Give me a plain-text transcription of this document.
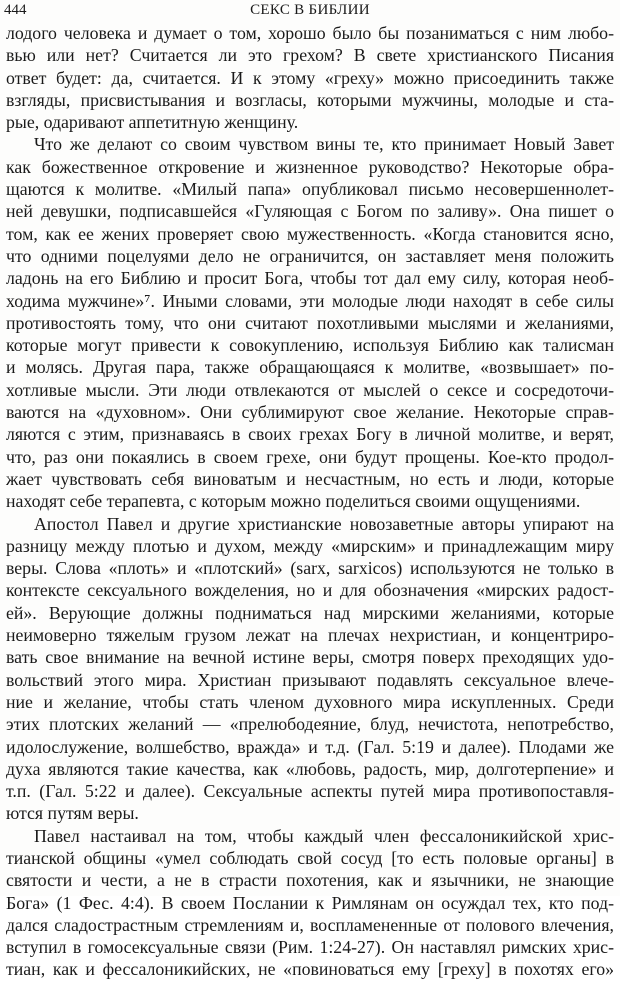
444	СЕКС В БИБЛИИ
лодого человека и думает о том, хорошо было бы позаниматься с ним любо-
вью или нет? Считается ли это грехом? В свете христианского Писания
ответ будет: да, считается. И к этому «греху» можно присоединить также
взгляды, присвистывания и возгласы, которыми мужчины, молодые и ста-
рые, одаривают аппетитную женщину.
Что же делают со своим чувством вины те, кто принимает Новый Завет
как божественное откровение и жизненное руководство? Некоторые обра-
щаются к молитве. «Милый папа» опубликовал письмо несовершеннолет-
ней девушки, подписавшейся «Гуляющая с Богом по заливу». Она пишет о
том, как ее жених проверяет свою мужественность. «Когда становится ясно,
что одними поцелуями дело не ограничится, он заставляет меня положить
ладонь на его Библию и просит Бога, чтобы тот дал ему силу, которая необ-
ходима мужчине»⁷. Иными словами, эти молодые люди находят в себе силы
противостоять тому, что они считают похотливыми мыслями и желаниями,
которые могут привести к совокуплению, используя Библию как талисман
и молясь. Другая пара, также обращающаяся к молитве, «возвышает» по-
хотливые мысли. Эти люди отвлекаются от мыслей о сексе и сосредоточи-
ваются на «духовном». Они сублимируют свое желание. Некоторые справ-
ляются с этим, признаваясь в своих грехах Богу в личной молитве, и верят,
что, раз они покаялись в своем грехе, они будут прощены. Кое-кто продол-
жает чувствовать себя виноватым и несчастным, но есть и люди, которые
находят себе терапевта, с которым можно поделиться своими ощущениями.
Апостол Павел и другие христианские новозаветные авторы упирают на
разницу между плотью и духом, между «мирским» и принадлежащим миру
веры. Слова «плоть» и «плотский» (sarx, sarxicos) используются не только в
контексте сексуального вожделения, но и для обозначения «мирских радост-
ей». Верующие должны подниматься над мирскими желаниями, которые
неимоверно тяжелым грузом лежат на плечах нехристиан, и концентриро-
вать свое внимание на вечной истине веры, смотря поверх преходящих удо-
вольствий этого мира. Христиан призывают подавлять сексуальное влече-
ние и желание, чтобы стать членом духовного мира искупленных. Среди
этих плотских желаний — «прелюбодеяние, блуд, нечистота, непотребство,
идолослужение, волшебство, вражда» и т.д. (Гал. 5:19 и далее). Плодами же
духа являются такие качества, как «любовь, радость, мир, долготерпение» и
т.п. (Гал. 5:22 и далее). Сексуальные аспекты путей мира противопоставля-
ются путям веры.
Павел настаивал на том, чтобы каждый член фессалоникийской хрис-
тианской общины «умел соблюдать свой сосуд [то есть половые органы] в
святости и чести, а не в страсти похотения, как и язычники, не знающие
Бога» (1 Фес. 4:4). В своем Послании к Римлянам он осуждал тех, кто под-
дался сладострастным стремлениям и, воспламененные от полового влечения,
вступил в гомосексуальные связи (Рим. 1:24-27). Он наставлял римских хрис-
тиан, как и фессалоникийских, не «повиноваться ему [греху] в похотях его»
